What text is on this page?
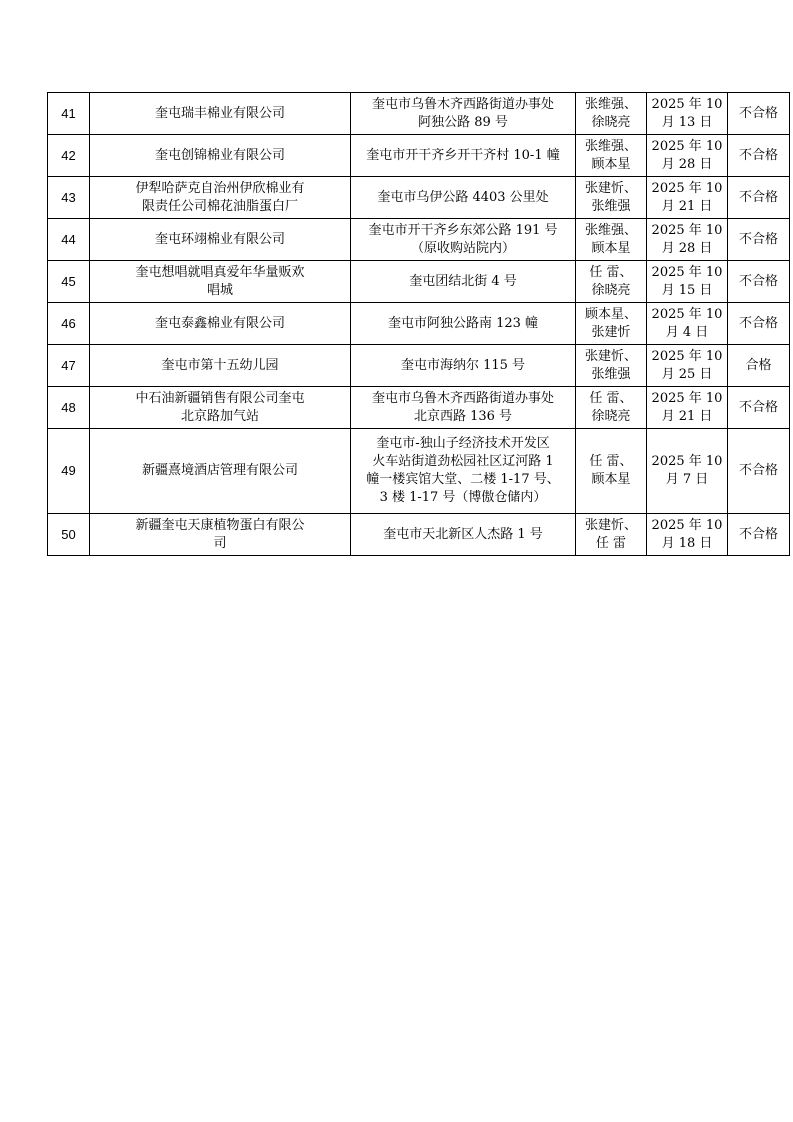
41	奎屯瑞丰棉业有限公司	奎屯市乌鲁木齐西路街道办事处
阿独公路 89 号	张维强、
徐晓亮	2025 年 10
月 13 日	不合格
42	奎屯创锦棉业有限公司	奎屯市开干齐乡开干齐村 10-1 幢	张维强、
顾本星	2025 年 10
月 28 日	不合格
43	伊犁哈萨克自治州伊欣棉业有
限责任公司棉花油脂蛋白厂	奎屯市乌伊公路 4403 公里处	张建忻、
张维强	2025 年 10
月 21 日	不合格
44	奎屯环翊棉业有限公司	奎屯市开干齐乡东郊公路 191 号
（原收购站院内）	张维强、
顾本星	2025 年 10
月 28 日	不合格
45	奎屯想唱就唱真爱年华量贩欢
唱城	奎屯团结北街 4 号	任 雷、
徐晓亮	2025 年 10
月 15 日	不合格
46	奎屯泰鑫棉业有限公司	奎屯市阿独公路南 123 幢	顾本星、
张建忻	2025 年 10
月 4 日	不合格
47	奎屯市第十五幼儿园	奎屯市海纳尔 115 号	张建忻、
张维强	2025 年 10
月 25 日	合格
48	中石油新疆销售有限公司奎屯
北京路加气站	奎屯市乌鲁木齐西路街道办事处
北京西路 136 号	任 雷、
徐晓亮	2025 年 10
月 21 日	不合格
49	新疆熹境酒店管理有限公司	奎屯市-独山子经济技术开发区
火车站街道劲松园社区辽河路 1
幢一楼宾馆大堂、二楼 1-17 号、
3 楼 1-17 号（博傲仓储内）	任 雷、
顾本星	2025 年 10
月 7 日	不合格
50	新疆奎屯天康植物蛋白有限公
司	奎屯市天北新区人杰路 1 号	张建忻、
任 雷	2025 年 10
月 18 日	不合格
